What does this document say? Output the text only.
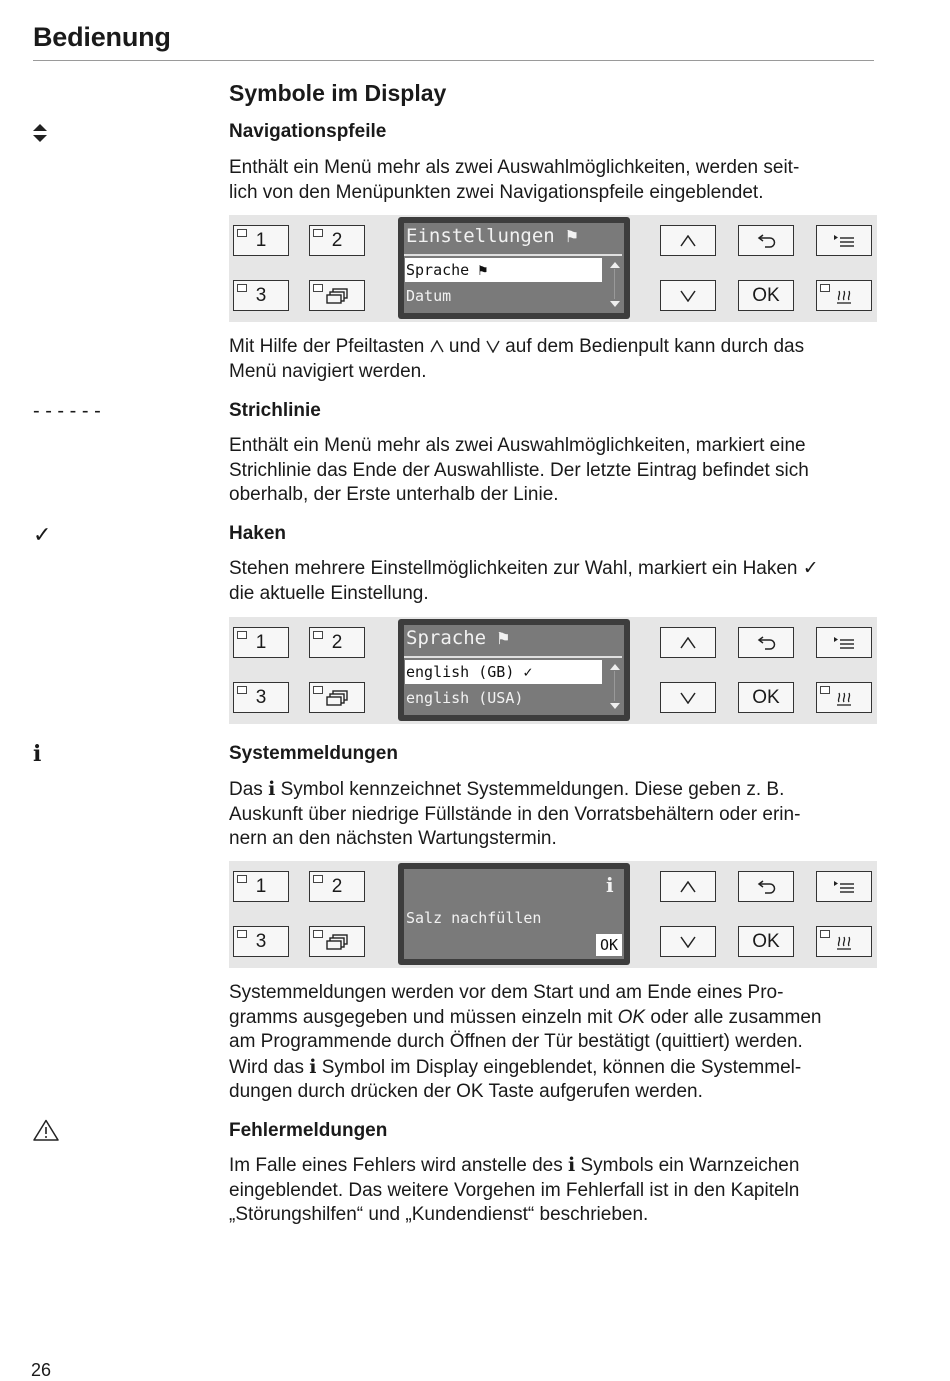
Bedienung
Symbole im Display
Navigationspfeile

Enthält ein Menü mehr als zwei Auswahlmöglichkeiten, werden seit-

lich von den Menüpunkten zwei Navigationspfeile eingeblendet.

1	2
3
Einstellungen ⚑
Sprache ⚑
Datum	OK

Mit Hilfe der Pfeiltasten  und  auf dem Bedienpult kann durch das

Menü navigiert werden.

- - - - - -	Strichlinie

Enthält ein Menü mehr als zwei Auswahlmöglichkeiten, markiert eine

Strichlinie das Ende der Auswahlliste. Der letzte Eintrag befindet sich

oberhalb, der Erste unterhalb der Linie.

✓	Haken

Stehen mehrere Einstellmöglichkeiten zur Wahl, markiert ein Haken ✓

die aktuelle Einstellung.

1	2
3
Sprache ⚑
english (GB) ✓
english (USA)	OK
i	Systemmeldungen

Das i Symbol kennzeichnet Systemmeldungen. Diese geben z. B.

Auskunft über niedrige Füllstände in den Vorratsbehältern oder erin-

nern an den nächsten Wartungstermin.

1	2
3
i
Salz nachfüllen
OK	OK

Systemmeldungen werden vor dem Start und am Ende eines Pro-

gramms ausgegeben und müssen einzeln mit OK oder alle zusammen

am Programmende durch Öffnen der Tür bestätigt (quittiert) werden.

Wird das i Symbol im Display eingeblendet, können die Systemmel-

dungen durch drücken der OK Taste aufgerufen werden.

Fehlermeldungen

Im Falle eines Fehlers wird anstelle des i Symbols ein Warnzeichen

eingeblendet. Das weitere Vorgehen im Fehlerfall ist in den Kapiteln

„Störungshilfen“ und „Kundendienst“ beschrieben.

26
